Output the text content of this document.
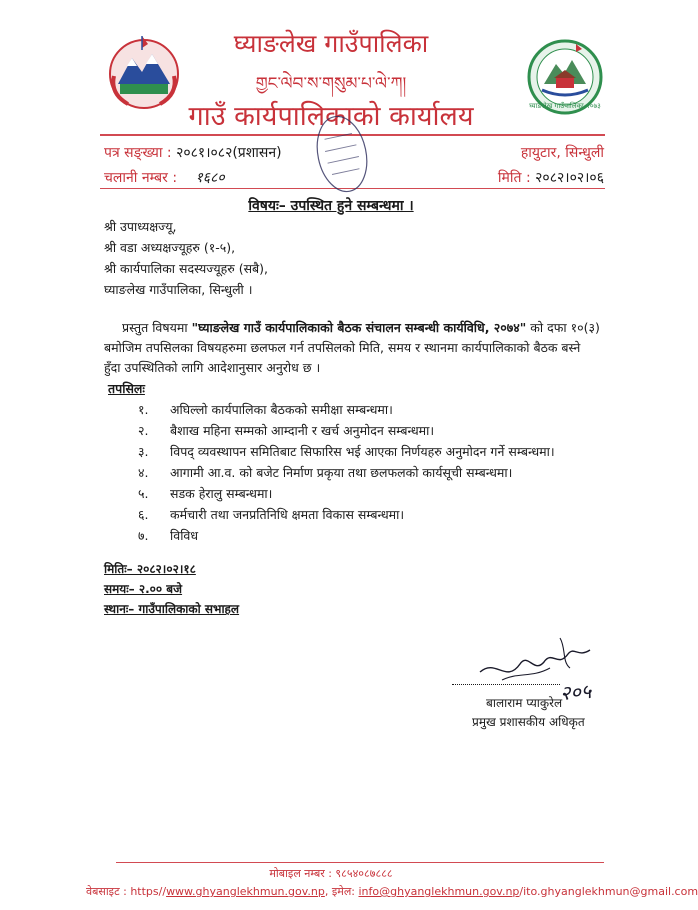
घ्याङलेख गाउँपालिका-२०७३
घ्याङलेख गाउँपालिका
གྱང་ལེབ་ས་གསུམ་པ་ལེ་ཀ།
गाउँ कार्यपालिकाको कार्यालय
पत्र सङ्ख्या : २०८१।०८२(प्रशासन)	हायुटार, सिन्धुली
चलानी नम्बर : १६८०	मिति : २०८२।०२।०६
विषयः– उपस्थित हुने सम्बन्धमा ।
श्री उपाध्यक्षज्यू,
श्री वडा अध्यक्षज्यूहरु (१-५),
श्री कार्यपालिका सदस्यज्यूहरु (सबै),
घ्याङलेख गाउँपालिका, सिन्धुली ।
प्रस्तुत विषयमा "घ्याङलेख गाउँ कार्यपालिकाको बैठक संचालन सम्बन्धी कार्यविधि, २०७४" को दफा १०(३)
बमोजिम तपसिलका विषयहरुमा छलफल गर्न तपसिलको मिति, समय र स्थानमा कार्यपालिकाको बैठक बस्ने
हुँदा उपस्थितिको लागि आदेशानुसार अनुरोध छ ।
तपसिलः
१. अघिल्लो कार्यपालिका बैठकको समीक्षा सम्बन्धमा।
२. बैशाख महिना सम्मको आम्दानी र खर्च अनुमोदन सम्बन्धमा।
३. विपद् व्यवस्थापन समितिबाट सिफारिस भई आएका निर्णयहरु अनुमोदन गर्ने सम्बन्धमा।
४. आगामी आ.व. को बजेट निर्माण प्रकृया तथा छलफलको कार्यसूची सम्बन्धमा।
५. सडक हेरालु सम्बन्धमा।
६. कर्मचारी तथा जनप्रतिनिधि क्षमता विकास सम्बन्धमा।
७. विविध
मितिः– २०८२।०२।१८
समयः– २.०० बजे
स्थानः– गाउँपालिकाको सभाहल
२०५
बालाराम प्याकुरेल
प्रमुख प्रशासकीय अधिकृत
मोबाइल नम्बर : ९८५४०८७८८८
वेबसाइट : https//www.ghyanglekhmun.gov.np, इमेल: info@ghyanglekhmun.gov.np/ito.ghyanglekhmun@gmail.com
